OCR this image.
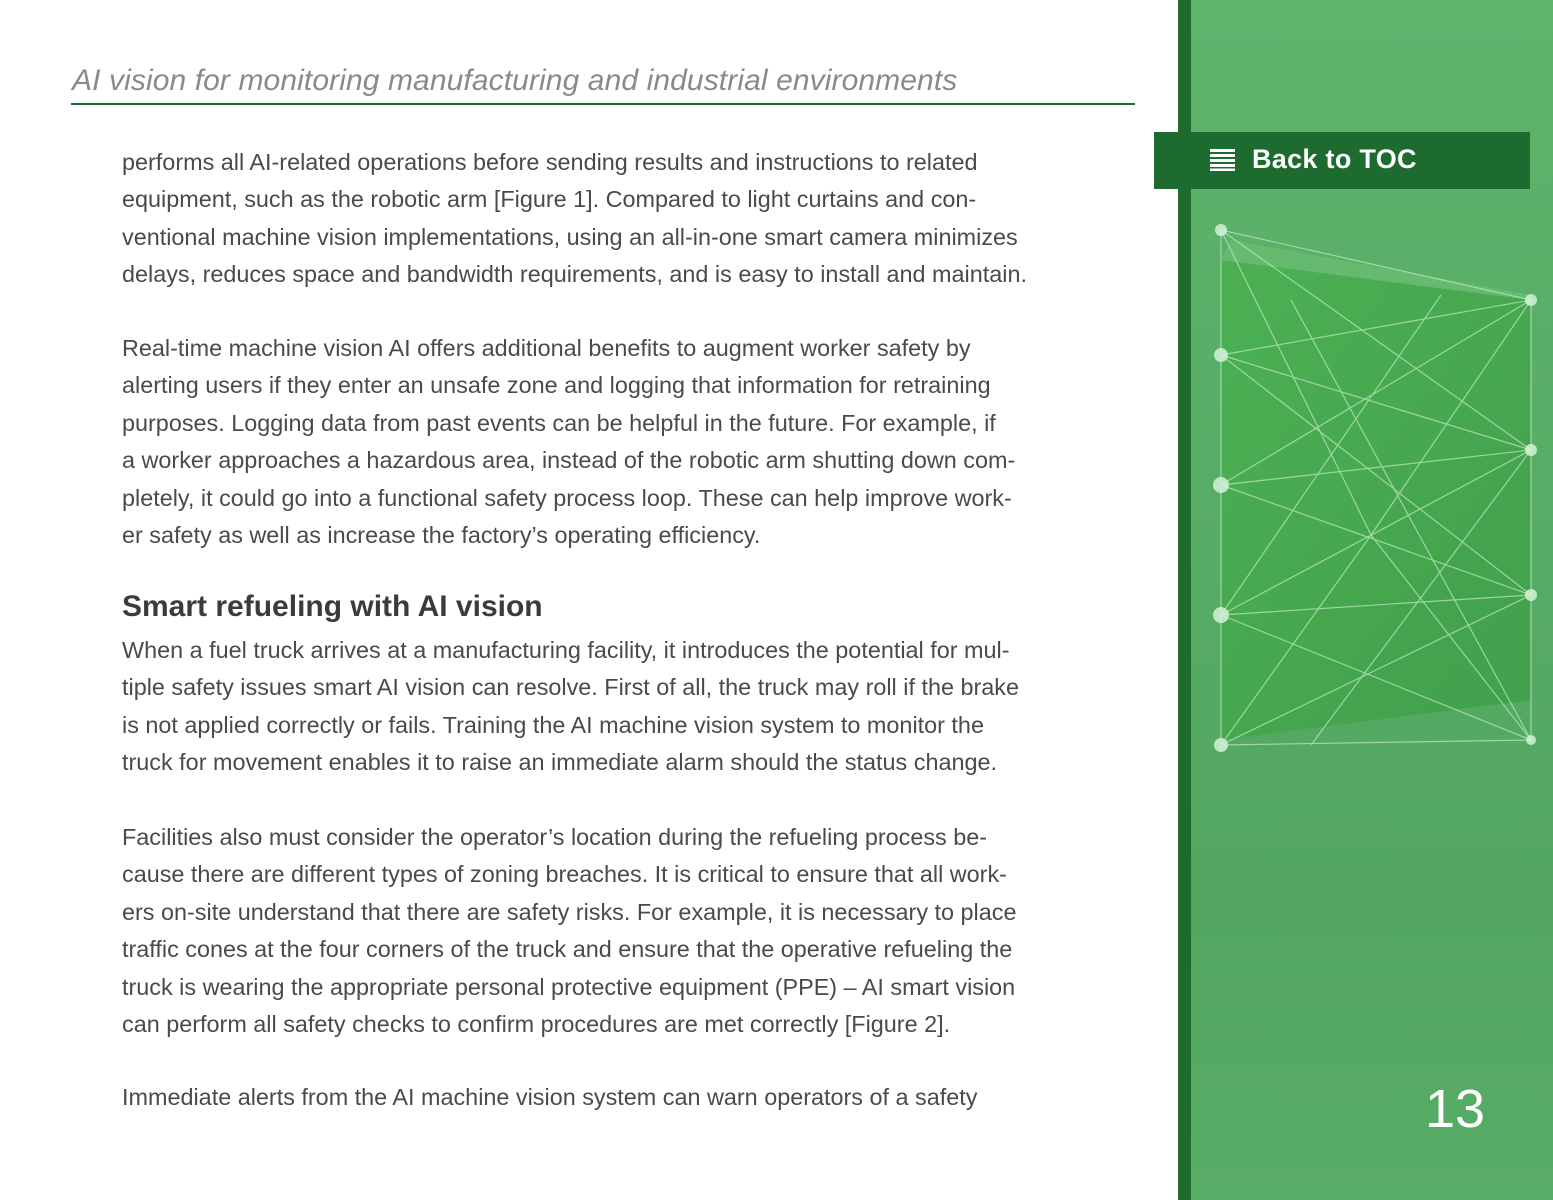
AI vision for monitoring manufacturing and industrial environments

performs all AI-related operations before sending results and instructions to related
equipment, such as the robotic arm [Figure 1]. Compared to light curtains and con-
ventional machine vision implementations, using an all-in-one smart camera minimizes
delays, reduces space and bandwidth requirements, and is easy to install and maintain.

Real-time machine vision AI offers additional benefits to augment worker safety by
alerting users if they enter an unsafe zone and logging that information for retraining
purposes. Logging data from past events can be helpful in the future. For example, if
a worker approaches a hazardous area, instead of the robotic arm shutting down com-
pletely, it could go into a functional safety process loop. These can help improve work-
er safety as well as increase the factory’s operating efficiency.

Smart refueling with AI vision

When a fuel truck arrives at a manufacturing facility, it introduces the potential for mul-
tiple safety issues smart AI vision can resolve. First of all, the truck may roll if the brake
is not applied correctly or fails. Training the AI machine vision system to monitor the
truck for movement enables it to raise an immediate alarm should the status change.

Facilities also must consider the operator’s location during the refueling process be-
cause there are different types of zoning breaches. It is critical to ensure that all work-
ers on-site understand that there are safety risks. For example, it is necessary to place
traffic cones at the four corners of the truck and ensure that the operative refueling the
truck is wearing the appropriate personal protective equipment (PPE) – AI smart vision
can perform all safety checks to confirm procedures are met correctly [Figure 2].

Immediate alerts from the AI machine vision system can warn operators of a safety

Back to TOC
13
